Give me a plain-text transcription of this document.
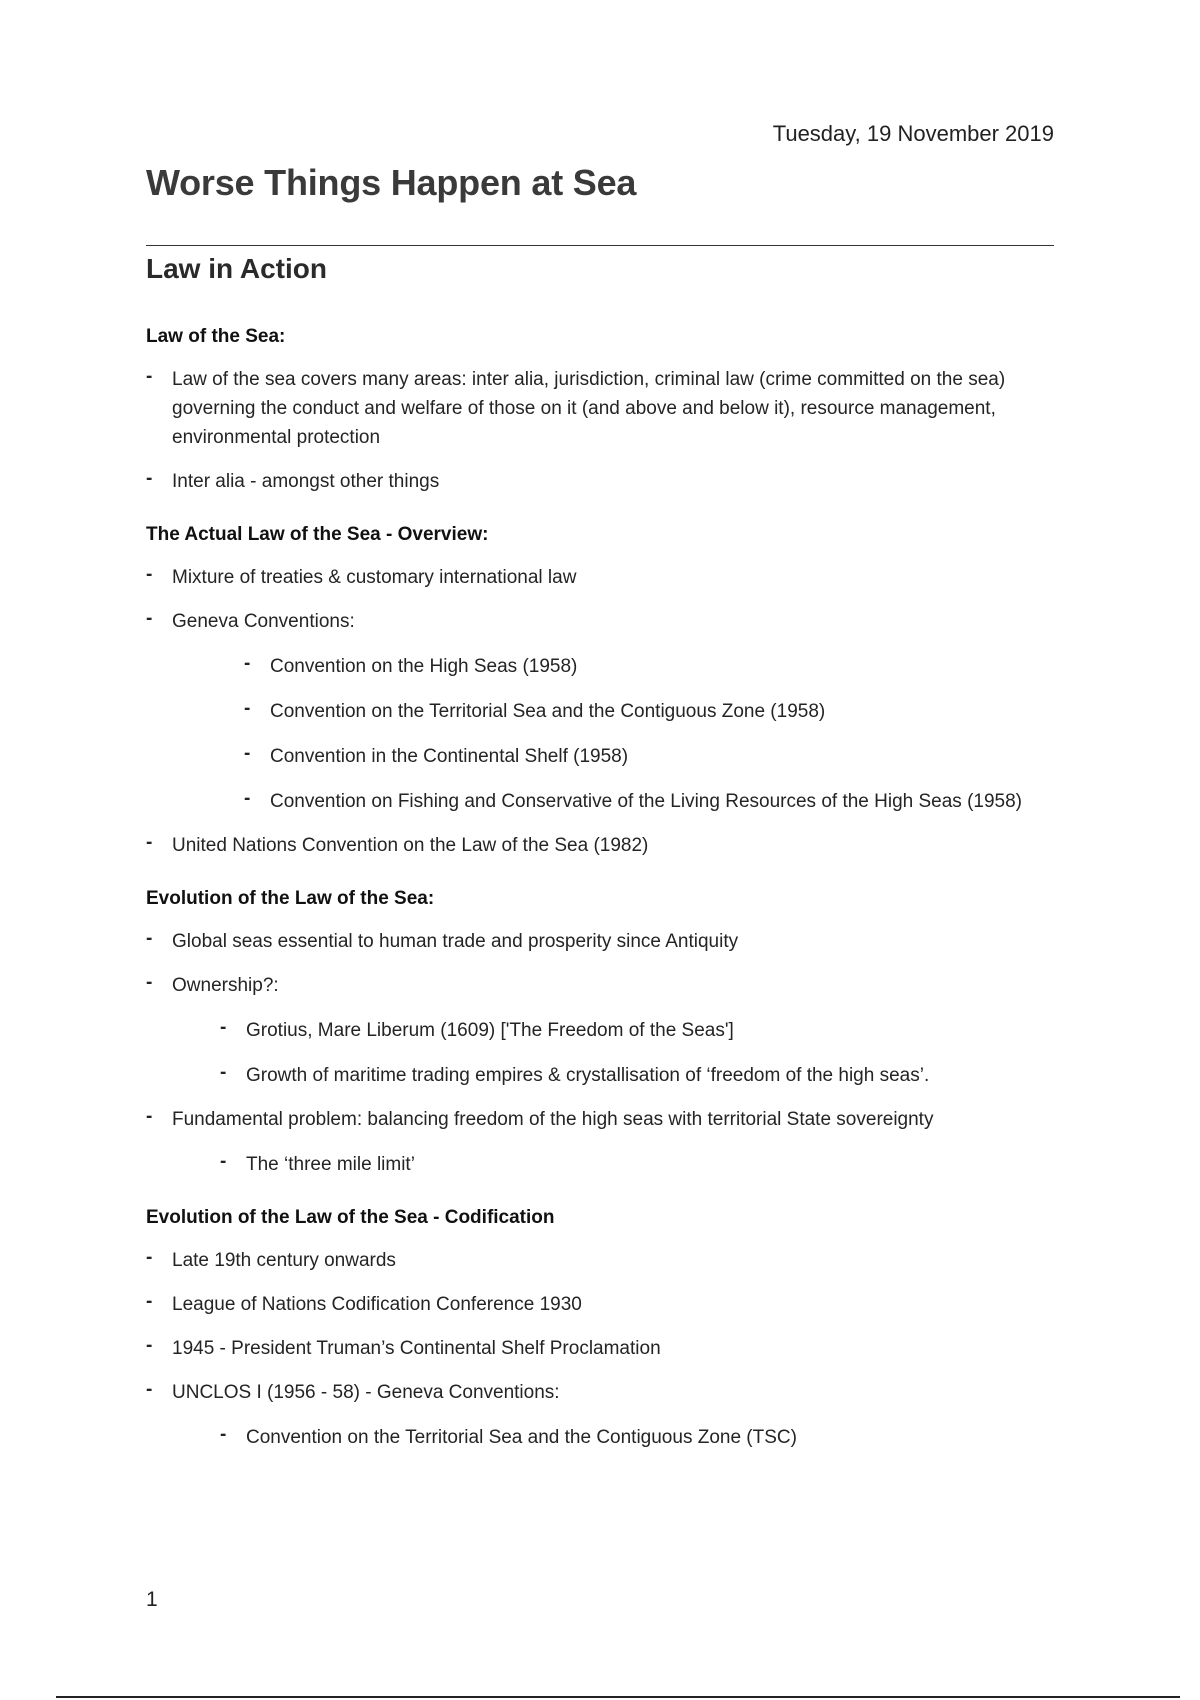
Tuesday, 19 November 2019
Worse Things Happen at Sea
Law in Action
Law of the Sea:
- Law of the sea covers many areas: inter alia, jurisdiction, criminal law (crime committed on the sea) governing the conduct and welfare of those on it (and above and below it), resource management, environmental protection
- Inter alia - amongst other things
The Actual Law of the Sea - Overview:
- Mixture of treaties & customary international law
- Geneva Conventions:
- Convention on the High Seas (1958)
- Convention on the Territorial Sea and the Contiguous Zone (1958)
- Convention in the Continental Shelf (1958)
- Convention on Fishing and Conservative of the Living Resources of the High Seas (1958)
- United Nations Convention on the Law of the Sea (1982)
Evolution of the Law of the Sea:
- Global seas essential to human trade and prosperity since Antiquity
- Ownership?:
- Grotius, Mare Liberum (1609) ['The Freedom of the Seas']
- Growth of maritime trading empires & crystallisation of ‘freedom of the high seas’.
- Fundamental problem: balancing freedom of the high seas with territorial State sovereignty
- The ‘three mile limit’
Evolution of the Law of the Sea - Codification
- Late 19th century onwards
- League of Nations Codification Conference 1930
- 1945 - President Truman’s Continental Shelf Proclamation
- UNCLOS I (1956 - 58) - Geneva Conventions:
- Convention on the Territorial Sea and the Contiguous Zone (TSC)
1
